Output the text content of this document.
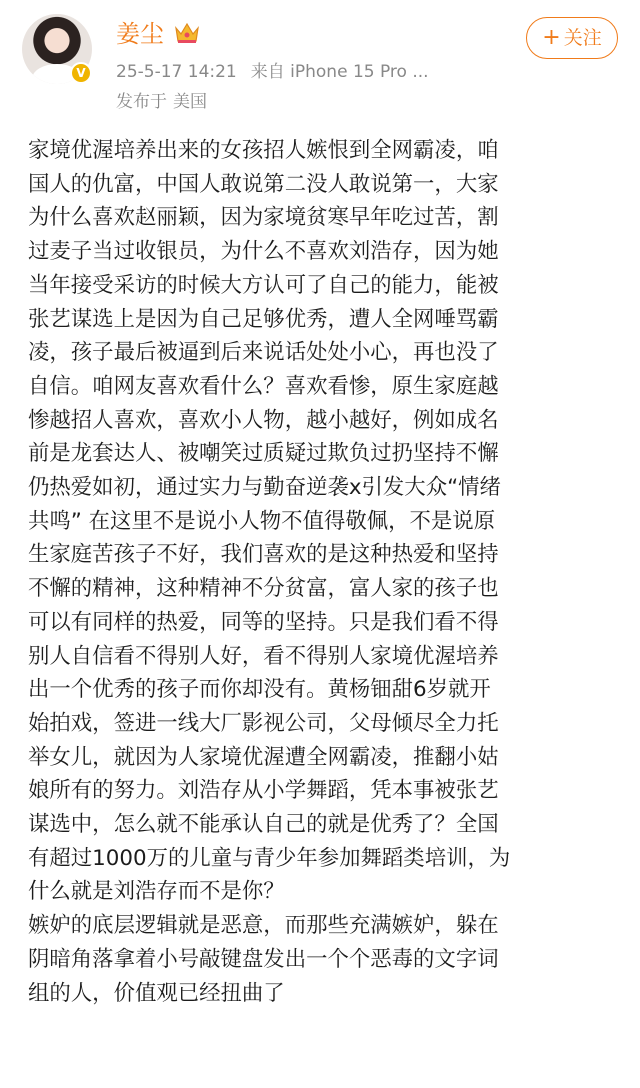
V
姜尘
25-5-17 14:21 来自 iPhone 15 Pro ...
发布于 美国
+ 关注
家境优渥培养出来的女孩招人嫉恨到全网霸凌，咱
国人的仇富，中国人敢说第二没人敢说第一，大家
为什么喜欢赵丽颖，因为家境贫寒早年吃过苦，割
过麦子当过收银员，为什么不喜欢刘浩存，因为她
当年接受采访的时候大方认可了自己的能力，能被
张艺谋选上是因为自己足够优秀，遭人全网唾骂霸
凌，孩子最后被逼到后来说话处处小心，再也没了
自信。咱网友喜欢看什么？喜欢看惨，原生家庭越
惨越招人喜欢，喜欢小人物，越小越好，例如成名
前是龙套达人、被嘲笑过质疑过欺负过扔坚持不懈
仍热爱如初，通过实力与勤奋逆袭x引发大众“情绪
共鸣” 在这里不是说小人物不值得敬佩，不是说原
生家庭苦孩子不好，我们喜欢的是这种热爱和坚持
不懈的精神，这种精神不分贫富，富人家的孩子也
可以有同样的热爱，同等的坚持。只是我们看不得
别人自信看不得别人好，看不得别人家境优渥培养
出一个优秀的孩子而你却没有。黄杨钿甜6岁就开
始拍戏，签进一线大厂影视公司，父母倾尽全力托
举女儿，就因为人家境优渥遭全网霸凌，推翻小姑
娘所有的努力。刘浩存从小学舞蹈，凭本事被张艺
谋选中，怎么就不能承认自己的就是优秀了？全国
有超过1000万的儿童与青少年参加舞蹈类培训，为
什么就是刘浩存而不是你？
嫉妒的底层逻辑就是恶意，而那些充满嫉妒，躲在
阴暗角落拿着小号敲键盘发出一个个恶毒的文字词
组的人，价值观已经扭曲了
